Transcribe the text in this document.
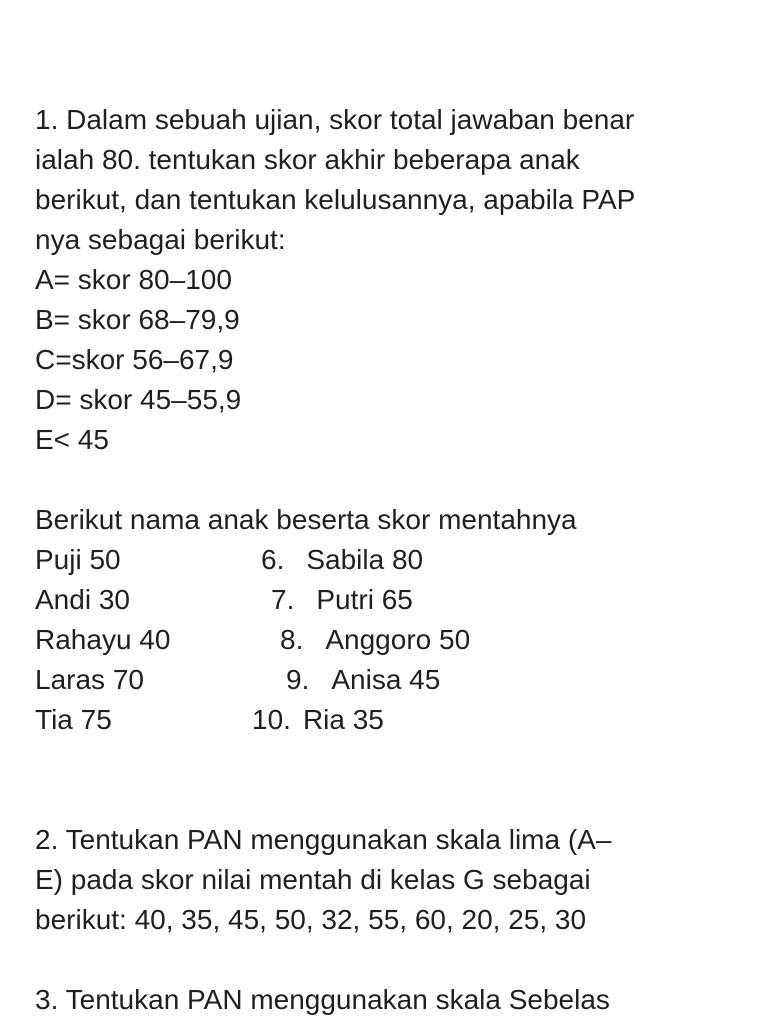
1. Dalam sebuah ujian, skor total jawaban benar
ialah 80. tentukan skor akhir beberapa anak
berikut, dan tentukan kelulusannya, apabila PAP
nya sebagai berikut:
A= skor 80–100
B= skor 68–79,9
C=skor 56–67,9
D= skor 45–55,9
E< 45
Berikut nama anak beserta skor mentahnya
Puji 50	6. Sabila 80
Andi 30	7. Putri 65
Rahayu 40	8. Anggoro 50
Laras 70	9. Anisa 45
Tia 75	10. Ria 35
2. Tentukan PAN menggunakan skala lima (A–
E) pada skor nilai mentah di kelas G sebagai
berikut: 40, 35, 45, 50, 32, 55, 60, 20, 25, 30
3. Tentukan PAN menggunakan skala Sebelas
